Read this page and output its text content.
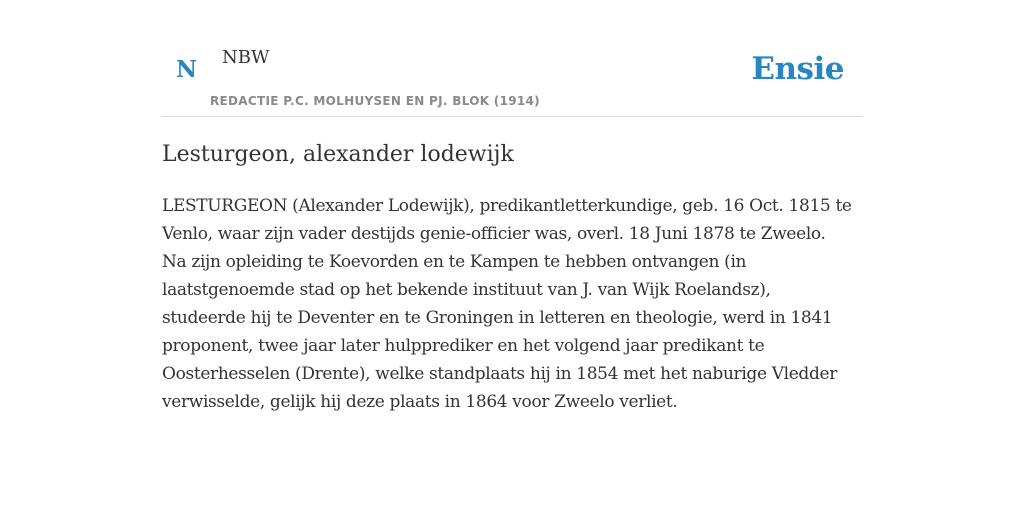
N NBW
REDACTIE P.C. MOLHUYSEN EN PJ. BLOK (1914)
Ensie
Lesturgeon, alexander lodewijk

LESTURGEON (Alexander Lodewijk), predikantletterkundige, geb. 16 Oct. 1815 te
Venlo, waar zijn vader destijds genie-officier was, overl. 18 Juni 1878 te Zweelo.
Na zijn opleiding te Koevorden en te Kampen te hebben ontvangen (in
laatstgenoemde stad op het bekende instituut van J. van Wijk Roelandsz),
studeerde hij te Deventer en te Groningen in letteren en theologie, werd in 1841
proponent, twee jaar later hulpprediker en het volgend jaar predikant te
Oosterhesselen (Drente), welke standplaats hij in 1854 met het naburige Vledder
verwisselde, gelijk hij deze plaats in 1864 voor Zweelo verliet.
